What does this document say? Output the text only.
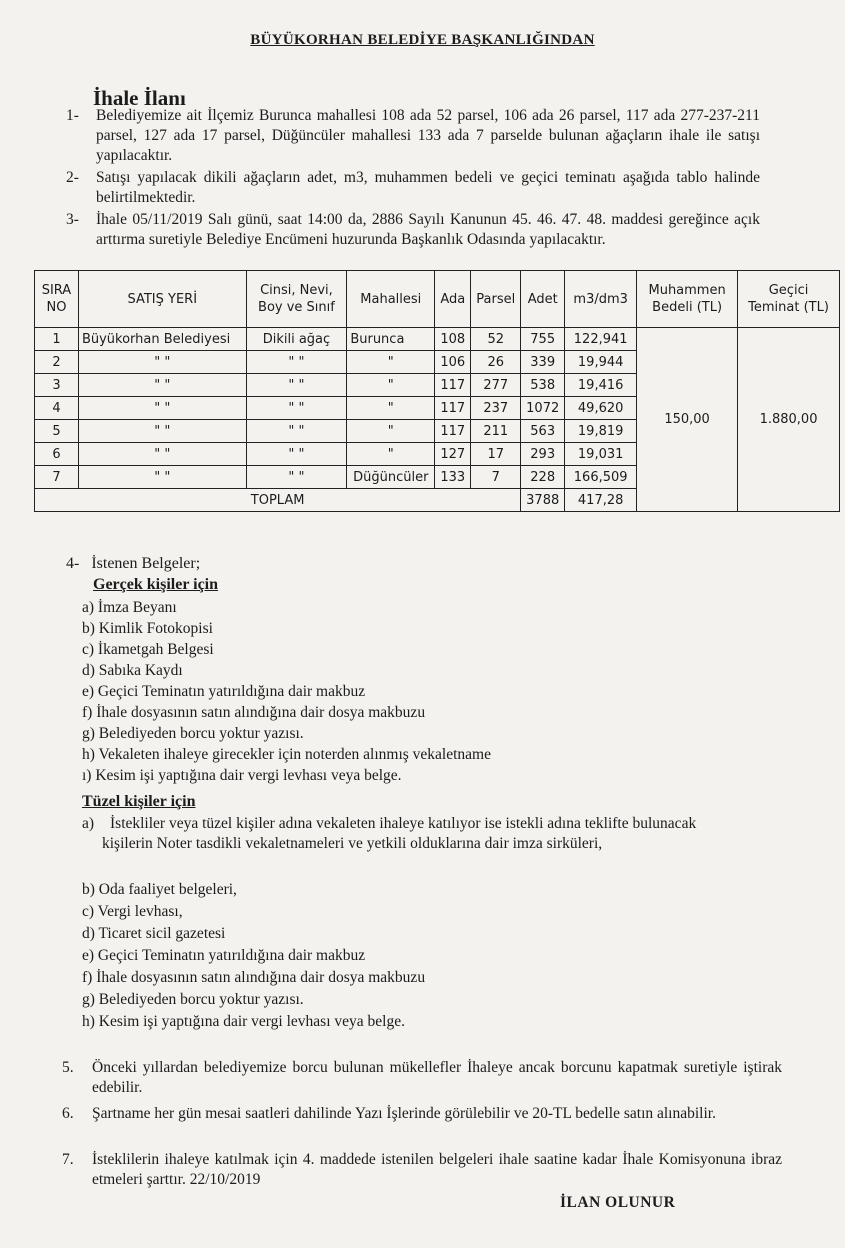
BÜYÜKORHAN BELEDİYE BAŞKANLIĞINDAN
İhale İlanı
1- Belediyemize ait İlçemiz Burunca mahallesi 108 ada 52 parsel, 106 ada 26 parsel, 117 ada 277-237-211 parsel, 127 ada 17 parsel, Düğüncüler mahallesi 133 ada 7 parselde bulunan ağaçların ihale ile satışı yapılacaktır.
2- Satışı yapılacak dikili ağaçların adet, m3, muhammen bedeli ve geçici teminatı aşağıda tablo halinde belirtilmektedir.
3- İhale 05/11/2019 Salı günü, saat 14:00 da, 2886 Sayılı Kanunun 45. 46. 47. 48. maddesi gereğince açık arttırma suretiyle Belediye Encümeni huzurunda Başkanlık Odasında yapılacaktır.
SIRA NO	SATIŞ YERİ	Cinsi, Nevi, Boy ve Sınıf	Mahallesi	Ada	Parsel	Adet	m3/dm3	Muhammen Bedeli (TL)	Geçici Teminat (TL)
1	Büyükorhan Belediyesi	Dikili ağaç	Burunca	108	52	755	122,941	150,00	1.880,00
2	" "	" "	"	106	26	339	19,944		
3	" "	" "	"	117	277	538	19,416		
4	" "	" "	"	117	237	1072	49,620		
5	" "	" "	"	117	211	563	19,819		
6	" "	" "	"	127	17	293	19,031		
7	" "	" "	Düğüncüler	133	7	228	166,509		
TOPLAM						3788	417,28		
4- İstenen Belgeler;
Gerçek kişiler için
a) İmza Beyanı
b) Kimlik Fotokopisi
c) İkametgah Belgesi
d) Sabıka Kaydı
e) Geçici Teminatın yatırıldığına dair makbuz
f) İhale dosyasının satın alındığına dair dosya makbuzu
g) Belediyeden borcu yoktur yazısı.
h) Vekaleten ihaleye girecekler için noterden alınmış vekaletname
ı) Kesim işi yaptığına dair vergi levhası veya belge.
Tüzel kişiler için
a)	İstekliler veya tüzel kişiler adına vekaleten ihaleye katılıyor ise istekli adına teklifte bulunacak kişilerin Noter tasdikli vekaletnameleri ve yetkili olduklarına dair imza sirküleri,
b) Oda faaliyet belgeleri,
c) Vergi levhası,
d) Ticaret sicil gazetesi
e) Geçici Teminatın yatırıldığına dair makbuz
f) İhale dosyasının satın alındığına dair dosya makbuzu
g) Belediyeden borcu yoktur yazısı.
h) Kesim işi yaptığına dair vergi levhası veya belge.
5. Önceki yıllardan belediyemize borcu bulunan mükellefler İhaleye ancak borcunu kapatmak suretiyle iştirak edebilir.
6. Şartname her gün mesai saatleri dahilinde Yazı İşlerinde görülebilir ve 20-TL bedelle satın alınabilir.
7. İsteklilerin ihaleye katılmak için 4. maddede istenilen belgeleri ihale saatine kadar İhale Komisyonuna ibraz etmeleri şarttır. 22/10/2019
İLAN OLUNUR
